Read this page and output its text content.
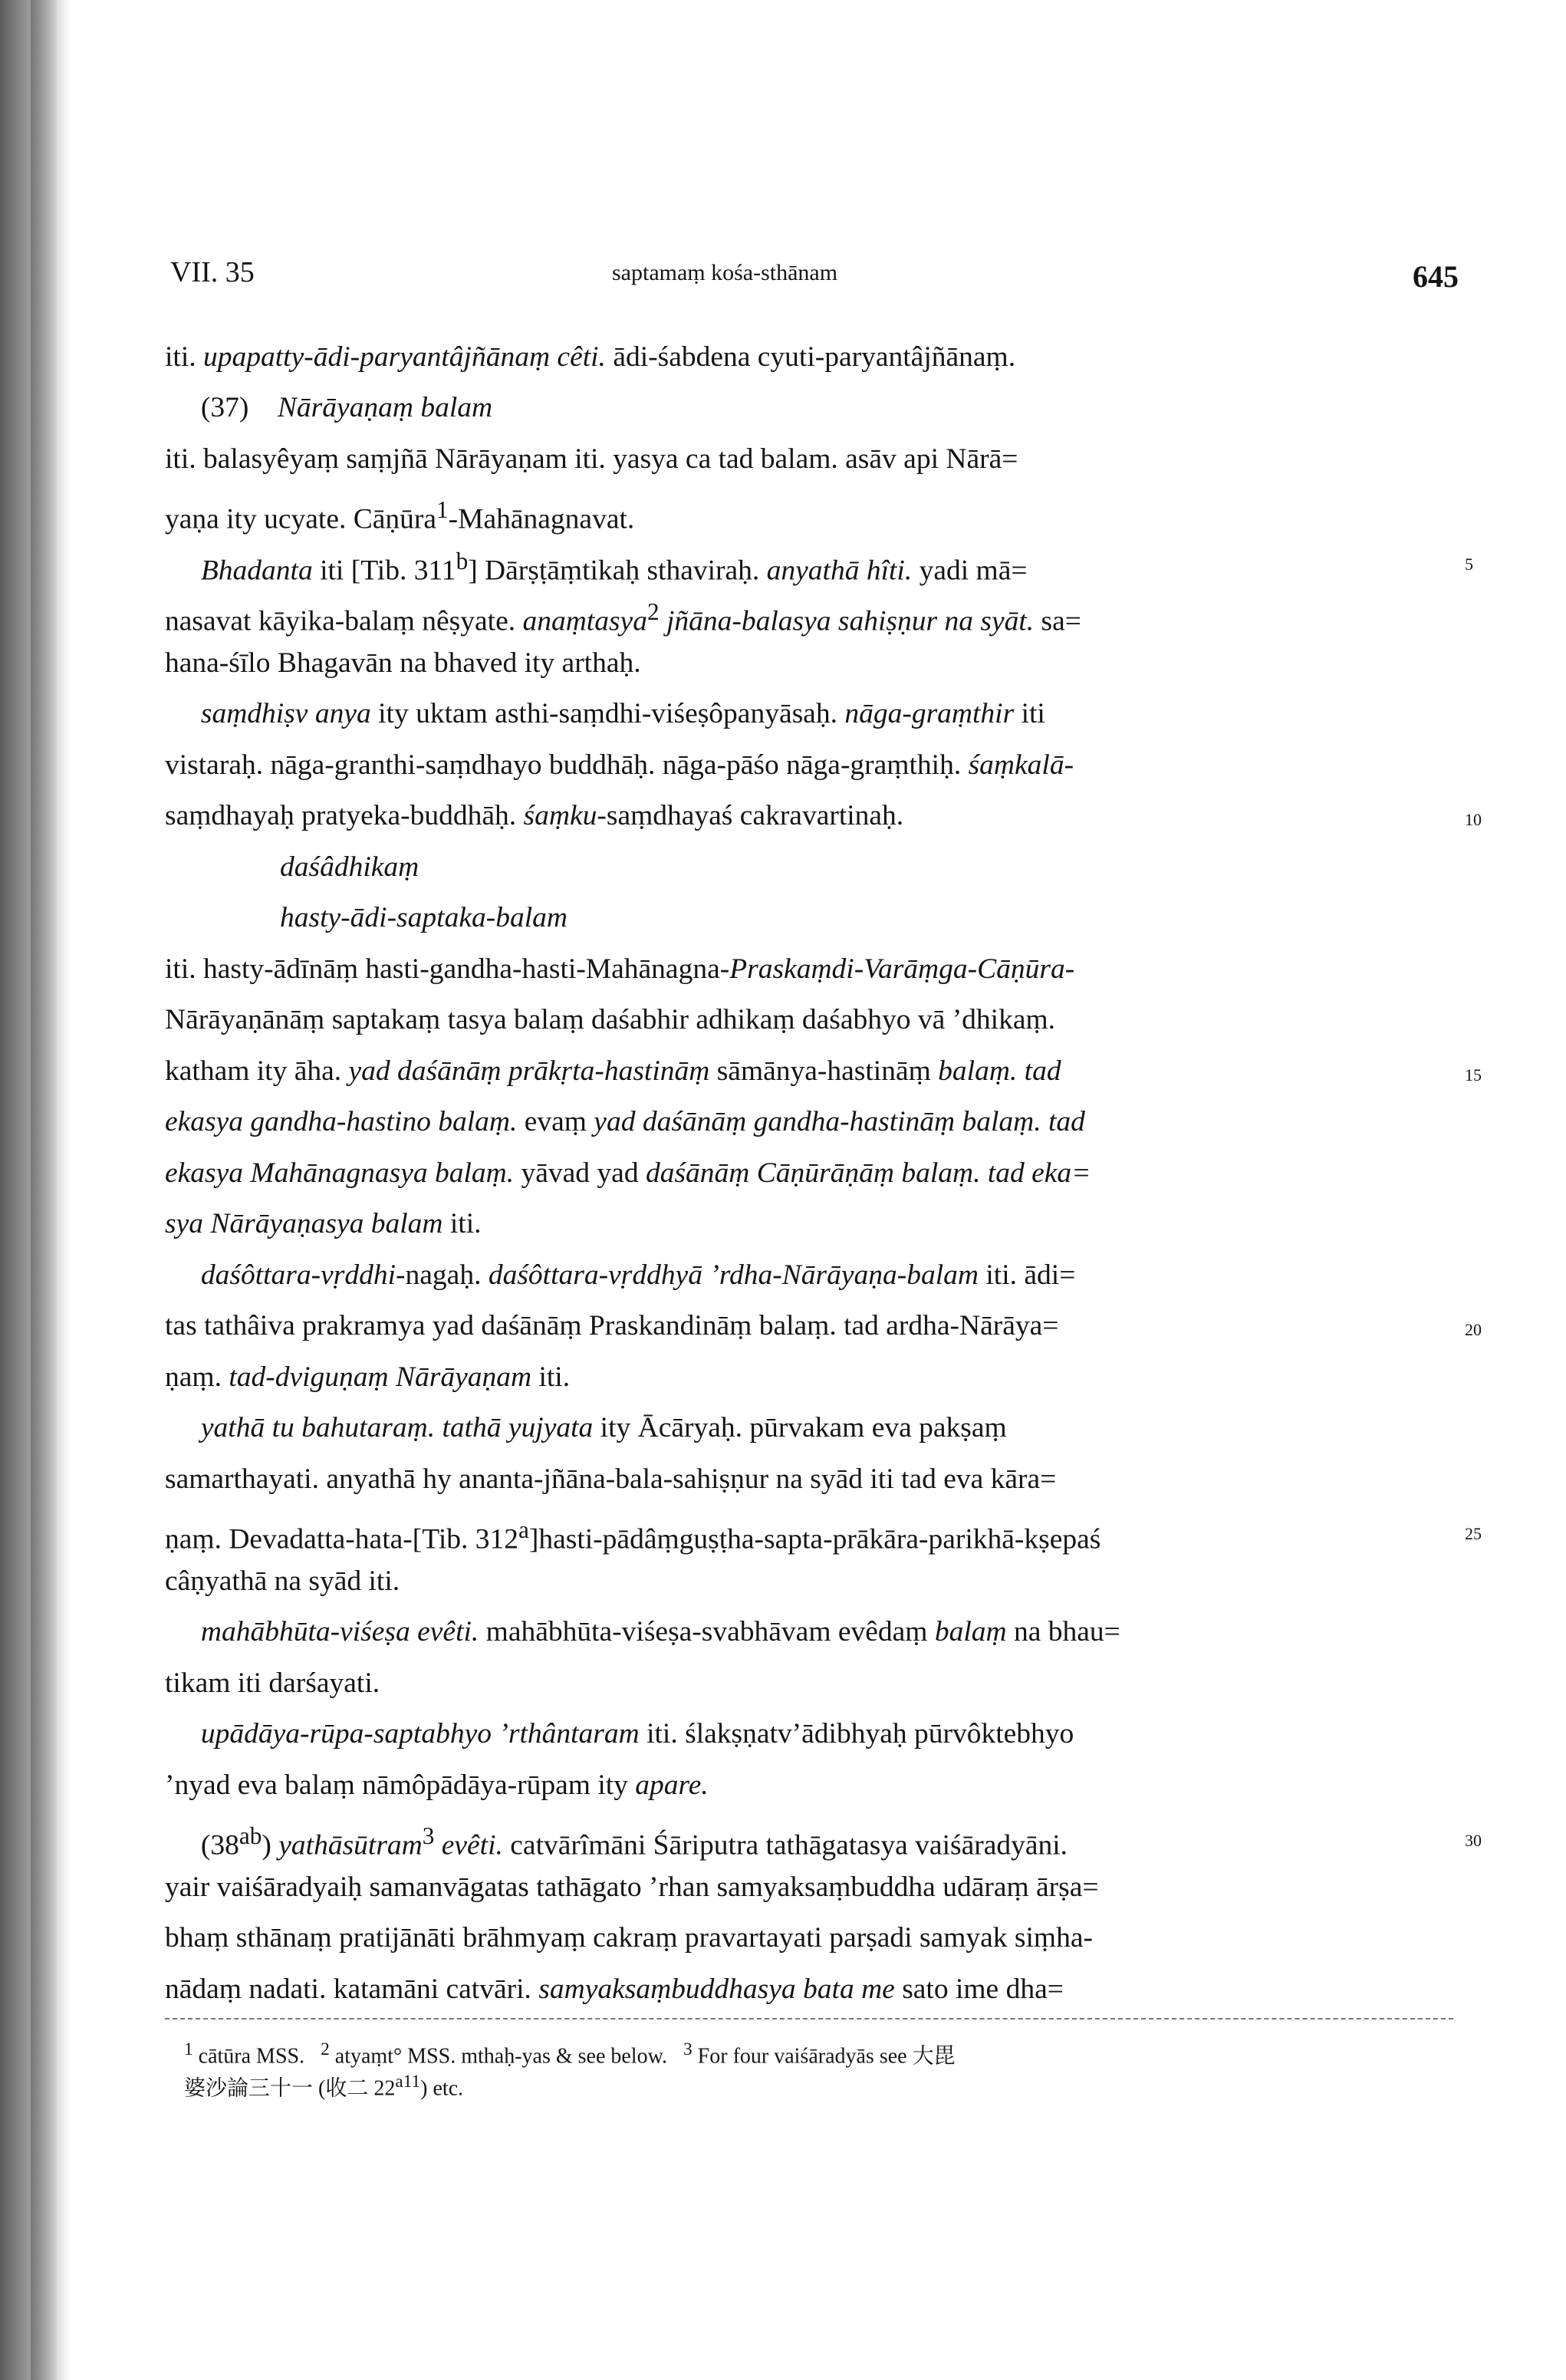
VII. 35	saptamaṃ kośa-sthānam	645
iti. upapatty-ādi-paryantâjñānaṃ cêti. ādi-śabdena cyuti-paryantâjñānaṃ.
(37)    Nārāyaṇaṃ balam
iti. balasyêyaṃ saṃjñā Nārāyaṇam iti. yasya ca tad balam. asāv api Nārā=
yaṇa ity ucyate. Cāṇūra$^1$-Mahānagnavat.
Bhadanta iti [Tib. 311$^b$] Dārṣṭāṃtikaḥ sthaviraḥ. anyathā hîti. yadi mā=
nasavat kāyika-balaṃ nêṣyate. anaṃtasya$^2$ jñāna-balasya sahiṣṇur na syāt. sa=
hana-śīlo Bhagavān na bhaved ity arthaḥ.
saṃdhiṣv anya ity uktam asthi-saṃdhi-viśeṣôpanyāsaḥ. nāga-graṃthir iti
vistaraḥ. nāga-granthi-saṃdhayo buddhāḥ. nāga-pāśo nāga-graṃthiḥ. śaṃkalā-
saṃdhayaḥ pratyeka-buddhāḥ. śaṃku-saṃdhayaś cakravartinaḥ.
daśâdhikaṃ
hasty-ādi-saptaka-balam
iti. hasty-ādīnāṃ hasti-gandha-hasti-Mahānagna-Praskaṃdi-Varāṃga-Cāṇūra-
Nārāyaṇānāṃ saptakaṃ tasya balaṃ daśabhir adhikaṃ daśabhyo vā ’dhikaṃ.
katham ity āha. yad daśānāṃ prākṛta-hastināṃ sāmānya-hastināṃ balaṃ. tad
ekasya gandha-hastino balaṃ. evaṃ yad daśānāṃ gandha-hastināṃ balaṃ. tad
ekasya Mahānagnasya balaṃ. yāvad yad daśānāṃ Cāṇūrāṇāṃ balaṃ. tad eka=
sya Nārāyaṇasya balam iti.
daśôttara-vṛddhi-nagaḥ. daśôttara-vṛddhyā ’rdha-Nārāyaṇa-balam iti. ādi=
tas tathâiva prakramya yad daśānāṃ Praskandināṃ balaṃ. tad ardha-Nārāya=
ṇaṃ. tad-dviguṇaṃ Nārāyaṇam iti.
yathā tu bahutaraṃ. tathā yujyata ity Ācāryaḥ. pūrvakam eva pakṣaṃ
samarthayati. anyathā hy ananta-jñāna-bala-sahiṣṇur na syād iti tad eva kāra=
ṇaṃ. Devadatta-hata-[Tib. 312$^a$]hasti-pādâṃguṣṭha-sapta-prākāra-parikhā-kṣepaś
câṇyathā na syād iti.
mahābhūta-viśeṣa evêti. mahābhūta-viśeṣa-svabhāvam evêdaṃ balaṃ na bhau=
tikam iti darśayati.
upādāya-rūpa-saptabhyo ’rthântaram iti. ślakṣṇatv’ādibhyaḥ pūrvôktebhyo
’nyad eva balaṃ nāmôpādāya-rūpam ity apare.
$(38^{ab})$ yathāsūtram$^3$ evêti. catvārîmāni Śāriputra tathāgatasya vaiśāradyāni.
yair vaiśāradyaiḥ samanvāgatas tathāgato ’rhan samyaksaṃbuddha udāraṃ ārṣa=
bhaṃ sthānaṃ pratijānāti brāhmyaṃ cakraṃ pravartayati parṣadi samyak siṃha-
nādaṃ nadati. katamāni catvāri. samyaksaṃbuddhasya bata me sato ime dha=
5
10
15
20
25
30
$^1$ cātūra MSS.   $^2$ atyaṃt° MSS. mthaḥ-yas & see below.   $^3$ For four vaiśāradyās see 大毘
婆沙論三十一 (收二 $22^{a11}$) etc.
